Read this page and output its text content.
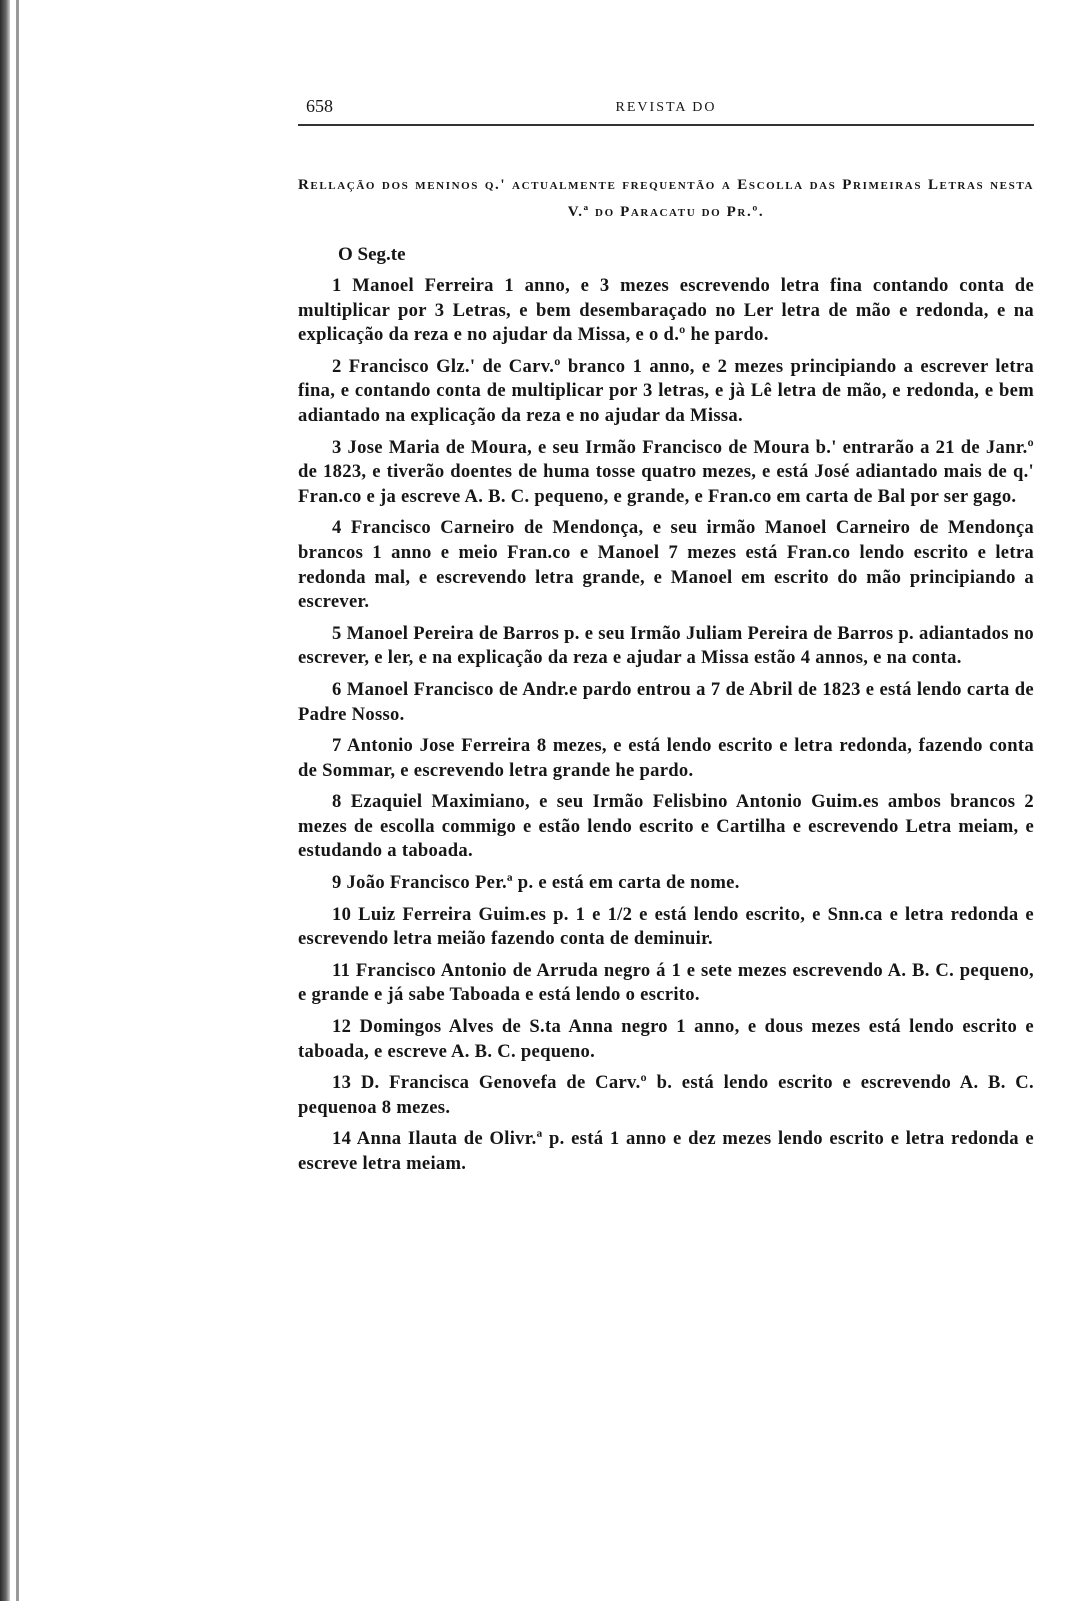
658	REVISTA DO
Rellação dos meninos q.' actualmente frequentão a Escolla das Primeiras Letras nesta V.ª do Paracatu do Pr.º.
O Seg.te

1 Manoel Ferreira 1 anno, e 3 mezes escrevendo letra fina contando conta de multiplicar por 3 Letras, e bem desembaraçado no Ler letra de mão e redonda, e na explicação da reza e no ajudar da Missa, e o d.º he pardo.

2 Francisco Glz.' de Carv.º branco 1 anno, e 2 mezes principiando a escrever letra fina, e contando conta de multiplicar por 3 letras, e jà Lê letra de mão, e redonda, e bem adiantado na explicação da reza e no ajudar da Missa.

3 Jose Maria de Moura, e seu Irmão Francisco de Moura b.' entrarão a 21 de Janr.º de 1823, e tiverão doentes de huma tosse quatro mezes, e está José adiantado mais de q.' Fran.co e ja escreve A. B. C. pequeno, e grande, e Fran.co em carta de Bal por ser gago.

4 Francisco Carneiro de Mendonça, e seu irmão Manoel Carneiro de Mendonça brancos 1 anno e meio Fran.co e Manoel 7 mezes está Fran.co lendo escrito e letra redonda mal, e escrevendo letra grande, e Manoel em escrito do mão principiando a escrever.

5 Manoel Pereira de Barros p. e seu Irmão Juliam Pereira de Barros p. adiantados no escrever, e ler, e na explicação da reza e ajudar a Missa estão 4 annos, e na conta.

6 Manoel Francisco de Andr.e pardo entrou a 7 de Abril de 1823 e está lendo carta de Padre Nosso.

7 Antonio Jose Ferreira 8 mezes, e está lendo escrito e letra redonda, fazendo conta de Sommar, e escrevendo letra grande he pardo.

8 Ezaquiel Maximiano, e seu Irmão Felisbino Antonio Guim.es ambos brancos 2 mezes de escolla commigo e estão lendo escrito e Cartilha e escrevendo Letra meiam, e estudando a taboada.

9 João Francisco Per.ª p. e está em carta de nome.

10 Luiz Ferreira Guim.es p. 1 e 1/2 e está lendo escrito, e Snn.ca e letra redonda e escrevendo letra meião fazendo conta de deminuir.

11 Francisco Antonio de Arruda negro á 1 e sete mezes escrevendo A. B. C. pequeno, e grande e já sabe Taboada e está lendo o escrito.

12 Domingos Alves de S.ta Anna negro 1 anno, e dous mezes está lendo escrito e taboada, e escreve A. B. C. pequeno.

13 D. Francisca Genovefa de Carv.º b. está lendo escrito e escrevendo A. B. C. pequenoa 8 mezes.

14 Anna Ilauta de Olivr.ª p. está 1 anno e dez mezes lendo escrito e letra redonda e escreve letra meiam.
